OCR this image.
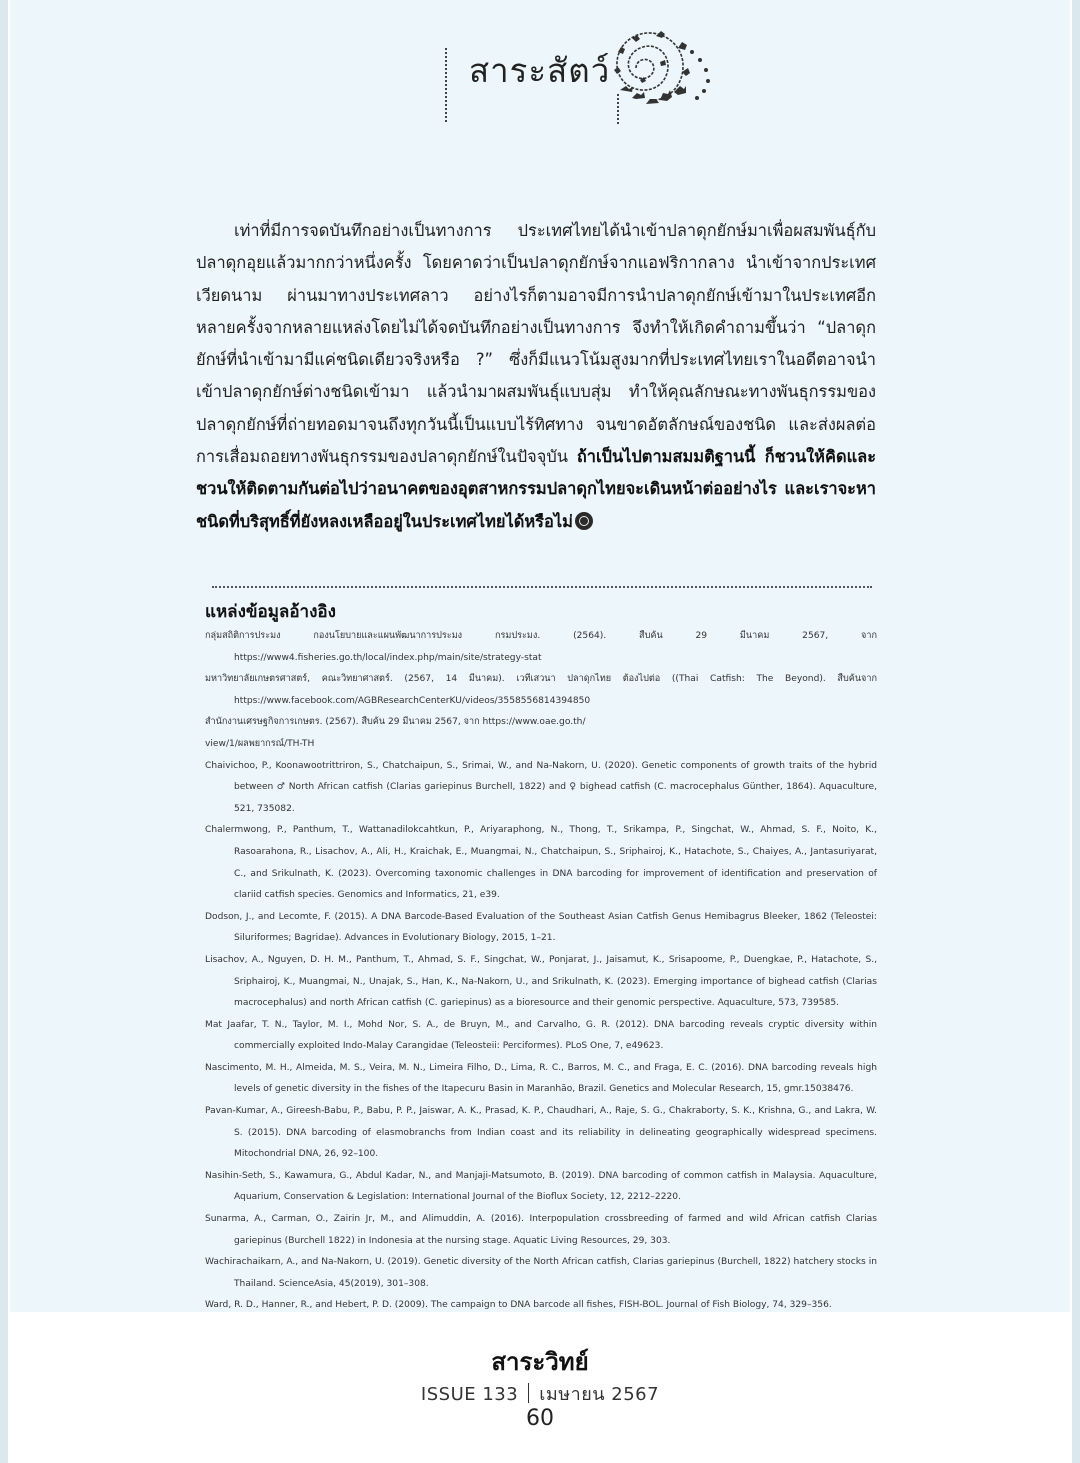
สาระสัตว์

เท่าที่มีการจดบันทึกอย่างเป็นทางการ ประเทศไทยได้นำเข้าปลาดุกยักษ์มาเพื่อผสมพันธุ์กับปลาดุกอุยแล้วมากกว่าหนึ่งครั้ง โดยคาดว่าเป็นปลาดุกยักษ์จากแอฟริกากลาง นำเข้าจากประเทศเวียดนาม ผ่านมาทางประเทศลาว อย่างไรก็ตามอาจมีการนำปลาดุกยักษ์เข้ามาในประเทศอีกหลายครั้งจากหลายแหล่งโดยไม่ได้จดบันทึกอย่างเป็นทางการ จึงทำให้เกิดคำถามขึ้นว่า “ปลาดุกยักษ์ที่นำเข้ามามีแค่ชนิดเดียวจริงหรือ ?” ซึ่งก็มีแนวโน้มสูงมากที่ประเทศไทยเราในอดีตอาจนำเข้าปลาดุกยักษ์ต่างชนิดเข้ามา แล้วนำมาผสมพันธุ์แบบสุ่ม ทำให้คุณลักษณะทางพันธุกรรมของปลาดุกยักษ์ที่ถ่ายทอดมาจนถึงทุกวันนี้เป็นแบบไร้ทิศทาง จนขาดอัตลักษณ์ของชนิด และส่งผลต่อการเสื่อมถอยทางพันธุกรรมของปลาดุกยักษ์ในปัจจุบัน ถ้าเป็นไปตามสมมติฐานนี้ ก็ชวนให้คิดและชวนให้ติดตามกันต่อไปว่าอนาคตของอุตสาหกรรมปลาดุกไทยจะเดินหน้าต่ออย่างไร และเราจะหาชนิดที่บริสุทธิ์ที่ยังหลงเหลืออยู่ในประเทศไทยได้หรือไม่

แหล่งข้อมูลอ้างอิง

กลุ่มสถิติการประมง กองนโยบายและแผนพัฒนาการประมง กรมประมง. (2564). สืบค้น 29 มีนาคม 2567, จาก https://www4.fisheries.go.th/local/index.php/main/site/strategy-stat

มหาวิทยาลัยเกษตรศาสตร์, คณะวิทยาศาสตร์. (2567, 14 มีนาคม). เวทีเสวนา ปลาดุกไทย ต้องไปต่อ ((Thai Catfish: The Beyond). สืบค้นจาก https://www.facebook.com/AGBResearchCenterKU/videos/3558556814394850

สำนักงานเศรษฐกิจการเกษตร. (2567). สืบค้น 29 มีนาคม 2567, จาก https://www.oae.go.th/

view/1/ผลพยากรณ์/TH-TH

Chaivichoo, P., Koonawootrittriron, S., Chatchaipun, S., Srimai, W., and Na-Nakorn, U. (2020). Genetic components of growth traits of the hybrid between ♂ North African catfish (Clarias gariepinus Burchell, 1822) and ♀ bighead catfish (C. macrocephalus Günther, 1864). Aquaculture, 521, 735082.

Chalermwong, P., Panthum, T., Wattanadilokcahtkun, P., Ariyaraphong, N., Thong, T., Srikampa, P., Singchat, W., Ahmad, S. F., Noito, K., Rasoarahona, R., Lisachov, A., Ali, H., Kraichak, E., Muangmai, N., Chatchaipun, S., Sriphairoj, K., Hatachote, S., Chaiyes, A., Jantasuriyarat, C., and Srikulnath, K. (2023). Overcoming taxonomic challenges in DNA barcoding for improvement of identification and preservation of clariid catfish species. Genomics and Informatics, 21, e39.

Dodson, J., and Lecomte, F. (2015). A DNA Barcode-Based Evaluation of the Southeast Asian Catfish Genus Hemibagrus Bleeker, 1862 (Teleostei: Siluriformes; Bagridae). Advances in Evolutionary Biology, 2015, 1–21.

Lisachov, A., Nguyen, D. H. M., Panthum, T., Ahmad, S. F., Singchat, W., Ponjarat, J., Jaisamut, K., Srisapoome, P., Duengkae, P., Hatachote, S., Sriphairoj, K., Muangmai, N., Unajak, S., Han, K., Na-Nakorn, U., and Srikulnath, K. (2023). Emerging importance of bighead catfish (Clarias macrocephalus) and north African catfish (C. gariepinus) as a bioresource and their genomic perspective. Aquaculture, 573, 739585.

Mat Jaafar, T. N., Taylor, M. I., Mohd Nor, S. A., de Bruyn, M., and Carvalho, G. R. (2012). DNA barcoding reveals cryptic diversity within commercially exploited Indo-Malay Carangidae (Teleosteii: Perciformes). PLoS One, 7, e49623.

Nascimento, M. H., Almeida, M. S., Veira, M. N., Limeira Filho, D., Lima, R. C., Barros, M. C., and Fraga, E. C. (2016). DNA barcoding reveals high levels of genetic diversity in the fishes of the Itapecuru Basin in Maranhão, Brazil. Genetics and Molecular Research, 15, gmr.15038476.

Pavan-Kumar, A., Gireesh-Babu, P., Babu, P. P., Jaiswar, A. K., Prasad, K. P., Chaudhari, A., Raje, S. G., Chakraborty, S. K., Krishna, G., and Lakra, W. S. (2015). DNA barcoding of elasmobranchs from Indian coast and its reliability in delineating geographically widespread specimens. Mitochondrial DNA, 26, 92–100.

Nasihin-Seth, S., Kawamura, G., Abdul Kadar, N., and Manjaji-Matsumoto, B. (2019). DNA barcoding of common catfish in Malaysia. Aquaculture, Aquarium, Conservation & Legislation: International Journal of the Bioflux Society, 12, 2212–2220.

Sunarma, A., Carman, O., Zairin Jr, M., and Alimuddin, A. (2016). Interpopulation crossbreeding of farmed and wild African catfish Clarias gariepinus (Burchell 1822) in Indonesia at the nursing stage. Aquatic Living Resources, 29, 303.

Wachirachaikarn, A., and Na-Nakorn, U. (2019). Genetic diversity of the North African catfish, Clarias gariepinus (Burchell, 1822) hatchery stocks in Thailand. ScienceAsia, 45(2019), 301–308.

Ward, R. D., Hanner, R., and Hebert, P. D. (2009). The campaign to DNA barcode all fishes, FISH-BOL. Journal of Fish Biology, 74, 329–356.

สาระวิทย์
ISSUE 133 เมษายน 2567
60
